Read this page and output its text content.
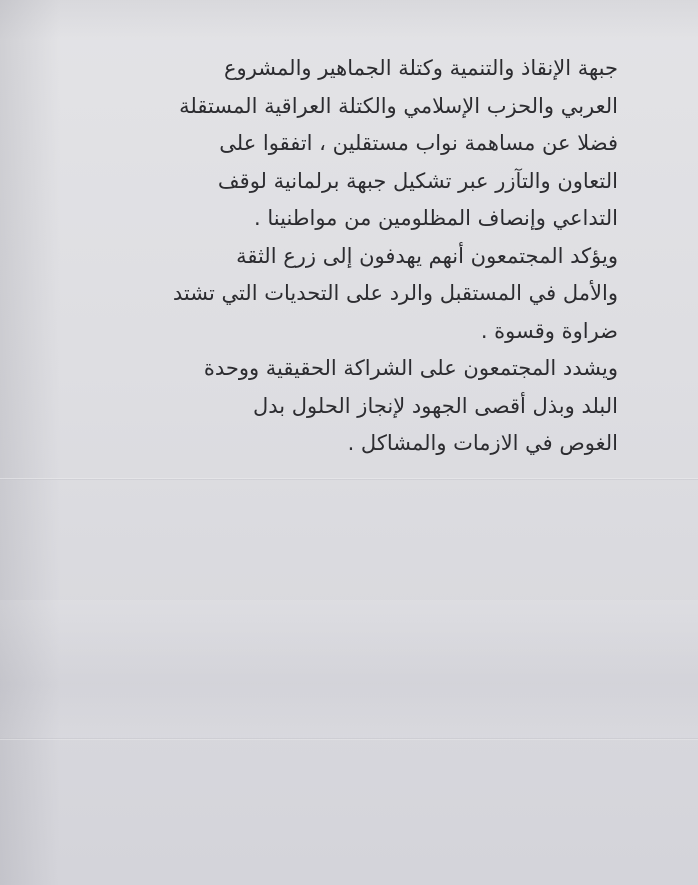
جبهة الإنقاذ والتنمية وكتلة الجماهير والمشروع
العربي والحزب الإسلامي والكتلة العراقية المستقلة
فضلا عن مساهمة نواب مستقلين ، اتفقوا على
التعاون والتآزر عبر تشكيل جبهة برلمانية لوقف
التداعي وإنصاف المظلومين من مواطنينا .
ويؤكد المجتمعون أنهم يهدفون إلى زرع الثقة
والأمل في المستقبل والرد على التحديات التي تشتد
ضراوة وقسوة .
ويشدد المجتمعون على الشراكة الحقيقية ووحدة
البلد وبذل أقصى الجهود لإنجاز الحلول بدل
الغوص في الازمات والمشاكل .
